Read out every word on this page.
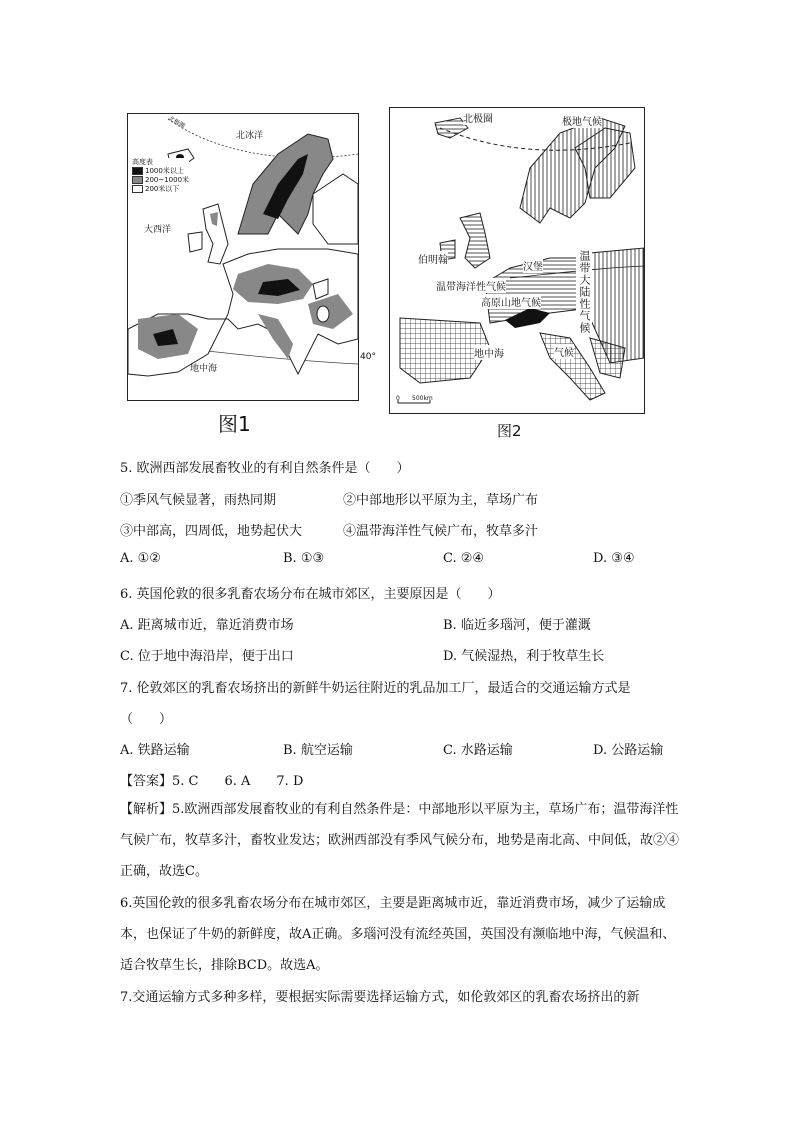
北极圈
北冰洋
大西洋
地中海
40°
高度表
1000米以上
200~1000米
200米以下
图1
北极圈	极地气候
伯明翰
汉堡
温带海洋性气候
高原山地气候	温带大陆性气候
地中海	气候
0 500km
图2
5. 欧洲西部发展畜牧业的有利自然条件是（　　）
①季风气候显著，雨热同期	②中部地形以平原为主，草场广布
③中部高，四周低，地势起伏大	④温带海洋性气候广布，牧草多汁
A. ①②	B. ①③	C. ②④	D. ③④
6. 英国伦敦的很多乳畜农场分布在城市郊区，主要原因是（　　）
A. 距离城市近，靠近消费市场	B. 临近多瑙河，便于灌溉
C. 位于地中海沿岸，便于出口	D. 气候湿热，利于牧草生长
7. 伦敦郊区的乳畜农场挤出的新鲜牛奶运往附近的乳品加工厂，最适合的交通运输方式是
（　　）
A. 铁路运输	B. 航空运输	C. 水路运输	D. 公路运输
【答案】5. C　　6. A　　7. D
【解析】5.欧洲西部发展畜牧业的有利自然条件是：中部地形以平原为主，草场广布；温带海洋性气候广布，牧草多汁，畜牧业发达；欧洲西部没有季风气候分布，地势是南北高、中间低，故②④正确，故选C。
6.英国伦敦的很多乳畜农场分布在城市郊区，主要是距离城市近，靠近消费市场，减少了运输成本，也保证了牛奶的新鲜度，故A正确。多瑙河没有流经英国，英国没有濒临地中海，气候温和、适合牧草生长，排除BCD。故选A。
7.交通运输方式多种多样，要根据实际需要选择运输方式，如伦敦郊区的乳畜农场挤出的新
